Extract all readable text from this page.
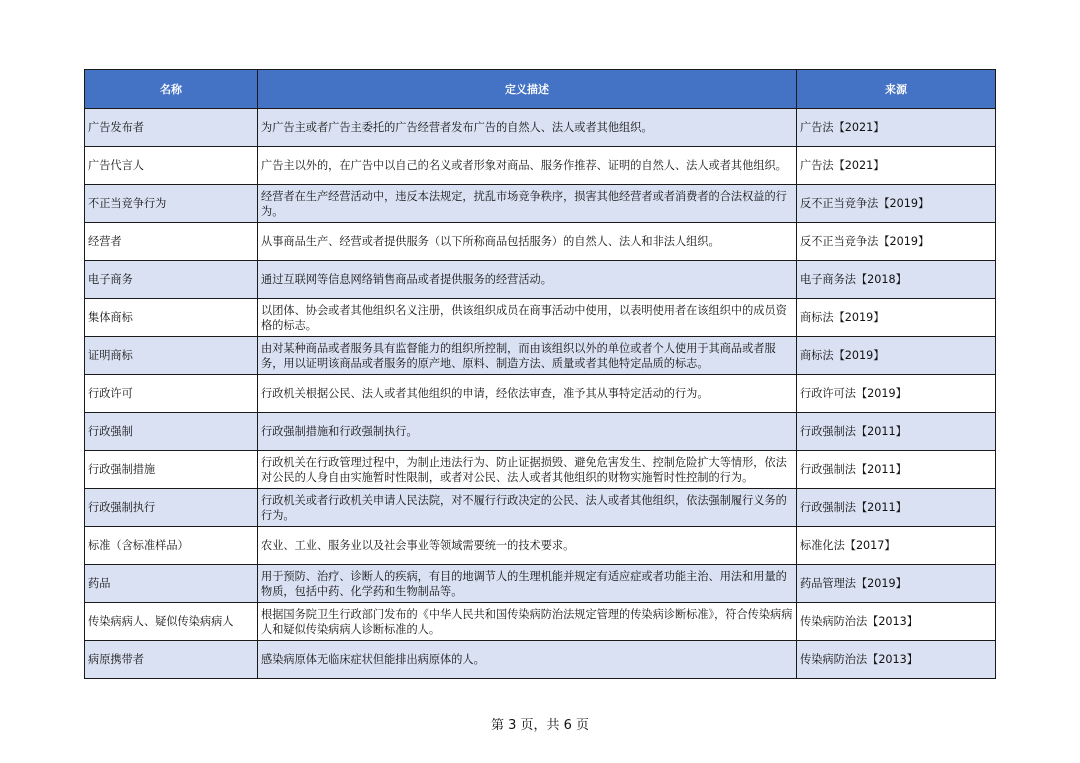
名称	定义描述	来源
广告发布者	为广告主或者广告主委托的广告经营者发布广告的自然人、法人或者其他组织。	广告法【2021】
广告代言人	广告主以外的，在广告中以自己的名义或者形象对商品、服务作推荐、证明的自然人、法人或者其他组织。	广告法【2021】
不正当竞争行为	经营者在生产经营活动中，违反本法规定，扰乱市场竞争秩序，损害其他经营者或者消费者的合法权益的行为。	反不正当竞争法【2019】
经营者	从事商品生产、经营或者提供服务（以下所称商品包括服务）的自然人、法人和非法人组织。	反不正当竞争法【2019】
电子商务	通过互联网等信息网络销售商品或者提供服务的经营活动。	电子商务法【2018】
集体商标	以团体、协会或者其他组织名义注册，供该组织成员在商事活动中使用，以表明使用者在该组织中的成员资格的标志。	商标法【2019】
证明商标	由对某种商品或者服务具有监督能力的组织所控制，而由该组织以外的单位或者个人使用于其商品或者服务，用以证明该商品或者服务的原产地、原料、制造方法、质量或者其他特定品质的标志。	商标法【2019】
行政许可	行政机关根据公民、法人或者其他组织的申请，经依法审查，准予其从事特定活动的行为。	行政许可法【2019】
行政强制	行政强制措施和行政强制执行。	行政强制法【2011】
行政强制措施	行政机关在行政管理过程中，为制止违法行为、防止证据损毁、避免危害发生、控制危险扩大等情形，依法对公民的人身自由实施暂时性限制，或者对公民、法人或者其他组织的财物实施暂时性控制的行为。	行政强制法【2011】
行政强制执行	行政机关或者行政机关申请人民法院，对不履行行政决定的公民、法人或者其他组织，依法强制履行义务的行为。	行政强制法【2011】
标准（含标准样品）	农业、工业、服务业以及社会事业等领域需要统一的技术要求。	标准化法【2017】
药品	用于预防、治疗、诊断人的疾病，有目的地调节人的生理机能并规定有适应症或者功能主治、用法和用量的物质，包括中药、化学药和生物制品等。	药品管理法【2019】
传染病病人、疑似传染病病人	根据国务院卫生行政部门发布的《中华人民共和国传染病防治法规定管理的传染病诊断标准》，符合传染病病人和疑似传染病病人诊断标准的人。	传染病防治法【2013】
病原携带者	感染病原体无临床症状但能排出病原体的人。	传染病防治法【2013】
第 3 页，共 6 页
